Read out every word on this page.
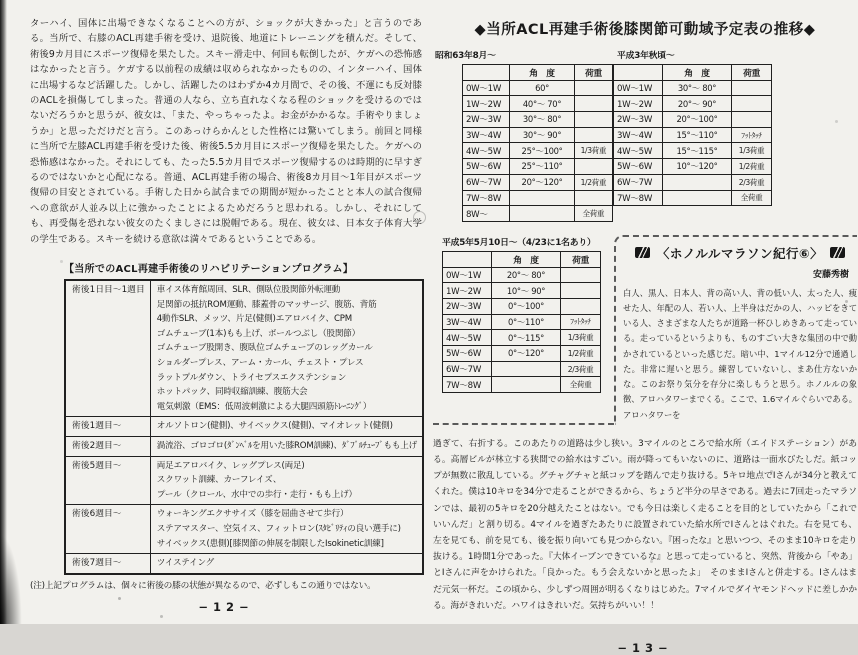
ターハイ、国体に出場できなくなることへの方が、ショックが大きかった」と言うのである。当所で、右膝のACL再建手術を受け、退院後、地道にトレーニングを積んだ。そして、術後9カ月目にスポーツ復帰を果たした。スキー滑走中、何回も転倒したが、ケガへの恐怖感はなかったと言う。ケガする以前程の成績は収められなかったものの、インターハイ、国体に出場するなど活躍した。しかし、活躍したのはわずか4カ月間で、その後、不運にも反対膝のACLを損傷してしまった。普通の人なら、立ち直れなくなる程のショックを受けるのではないだろうかと思うが、彼女は、「また、やっちゃったよ。お金がかかるな。手術やりましょうか」と思っただけだと言う。このあっけらかんとした性格には驚いてしまう。前回と同様に当所で左膝ACL再建手術を受けた後、術後5.5カ月目にスポーツ復帰を果たした。ケガへの恐怖感はなかった。それにしても、たった5.5カ月目でスポーツ復帰するのは時期的に早すぎるのではないかと心配になる。普通、ACL再建手術の場合、術後8カ月目～1年目がスポーツ復帰の目安とされている。手術した日から試合までの期間が短かったことと本人の試合復帰への意欲が人並み以上に強かったことによるためだろうと思われる。しかし、それにしても、再受傷を恐れない彼女のたくましさには脱帽である。現在、彼女は、日本女子体育大学の学生である。スキーを続ける意欲は満々であるということである。
【当所でのACL再建手術後のリハビリテーションプログラム】
術後1日目～1週目	車イス体育館周回、SLR、側臥位股関節外転運動
足関節の抵抗ROM運動、膝蓋骨のマッサージ、腹筋、背筋
4動作SLR、メッツ、片足(健側)エアロバイク、CPM
ゴムチューブ(1本)もも上げ、ボールつぶし（股関節）
ゴムチューブ股開き、腹臥位ゴムチューブのレッグカール
ショルダープレス、アーム・カール、チェスト・プレス
ラットプルダウン、トライセプスエクステンション
ホットパック、同時収縮訓練、腹筋大会
電気刺激（EMS：低周波刺激による大腿四頭筋ﾄﾚｰﾆﾝｸﾞ）

術後1週目～	オルソトロン(健側)、サイベックス(健側)、マイオレット(健側)

術後2週目～	渦流浴、ゴロゴロ(ﾀﾞﾝﾍﾞﾙを用いた膝ROM訓練)、ﾀﾞﾌﾞﾙﾁｭｰﾌﾞもも上げ

術後5週目～	両足エアロバイク、レッグプレス(両足)
スクワット訓練、カーフレイズ、
プール（クロール、水中での歩行・走行・もも上げ）

術後6週目～	ウォーキングエクササイズ（膝を屈曲させて歩行）
ステアマスター、空気イス、フィットロン(ｽﾀﾋﾞﾘﾃｨの良い選手に)
サイベックス(患側)[膝関節の伸展を制限したIsokinetic訓練]

術後7週目～	ツイステイング
(注)上記プログラムは、個々に術後の膝の状態が異なるので、必ずしもこの通りではない。
−12−
◆当所ACL再建手術後膝関節可動域予定表の推移◆
昭和63年8月～
	角　度	荷重
0W～1W	60°	
1W～2W	40°～ 70°	
2W～3W	30°～ 80°	
3W～4W	30°～ 90°	
4W～5W	25°～100°	1/3荷重
5W～6W	25°～110°	
6W～7W	20°～120°	1/2荷重
7W～8W		
8W～		全荷重
平成3年秋頃～
	角　度	荷重
0W～1W	30°～ 80°	
1W～2W	20°～ 90°	
2W～3W	20°～100°	
3W～4W	15°～110°	ﾌｯﾄﾀｯﾁ
4W～5W	15°～115°	1/3荷重
5W～6W	10°～120°	1/2荷重
6W～7W		2/3荷重
7W～8W		全荷重
平成5年5月10日～（4/23に1名あり）
	角　度	荷重
0W～1W	20°～ 80°	
1W～2W	10°～ 90°	
2W～3W	0°～100°	
3W～4W	0°～110°	ﾌｯﾄﾀｯﾁ
4W～5W	0°～115°	1/3荷重
5W～6W	0°～120°	1/2荷重
6W～7W		2/3荷重
7W～8W		全荷重
〈ホノルルマラソン紀行⑥〉
安藤秀樹
白人、黒人、日本人、背の高い人、背の低い人、太った人、痩せた人、年配の人、若い人、上半身はだかの人、ハッピをきている人、さまざまな人たちが道路一杯ひしめきあって走っている。走っているというよりも、ものすごい大きな集団の中で動かされているといった感じだ。暗い中、1マイル12分で通過した。非常に遅いと思う。練習していないし、まあ仕方ないかな。このお祭り気分を存分に楽しもうと思う。ホノルルの象徴、アロハタワーまでくる。ここで、1.6マイルぐらいである。アロハタワーを
過ぎて、右折する。このあたりの道路は少し狭い。3マイルのところで給水所（エイドステーション）がある。高層ビルが林立する狭間での給水はすごい。雨が降ってもいないのに、道路は一面水びたしだ。紙コップが無数に散乱している。グチャグチャと紙コップを踏んで走り抜ける。5キロ地点でIさんが34分と教えてくれた。僕は10キロを34分で走ることができるから、ちょうど半分の早さである。過去に7回走ったマラソンでは、最初の5キロを20分越えたことはない。でも今日は楽しく走ることを目的としていたから「これでいいんだ」と割り切る。4マイルを過ぎたあたりに設置されていた給水所でIさんとはぐれた。右を見ても、左を見ても、前を見ても、後を振り向いても見つからない。『困ったな』と思いつつ、そのまま10キロを走り抜ける。1時間1分であった。『大体イーブンできているな』と思って走っていると、突然、背後から「やあ」とIさんに声をかけられた。「良かった。もう会えないかと思ったよ」　そのままIさんと併走する。Iさんはまだ元気一杯だ。この頃から、少しずつ周囲が明るくなりはじめた。7マイルでダイヤモンドヘッドに差しかかる。海がきれいだ。ハワイはきれいだ。気持ちがいい！！
−13−
